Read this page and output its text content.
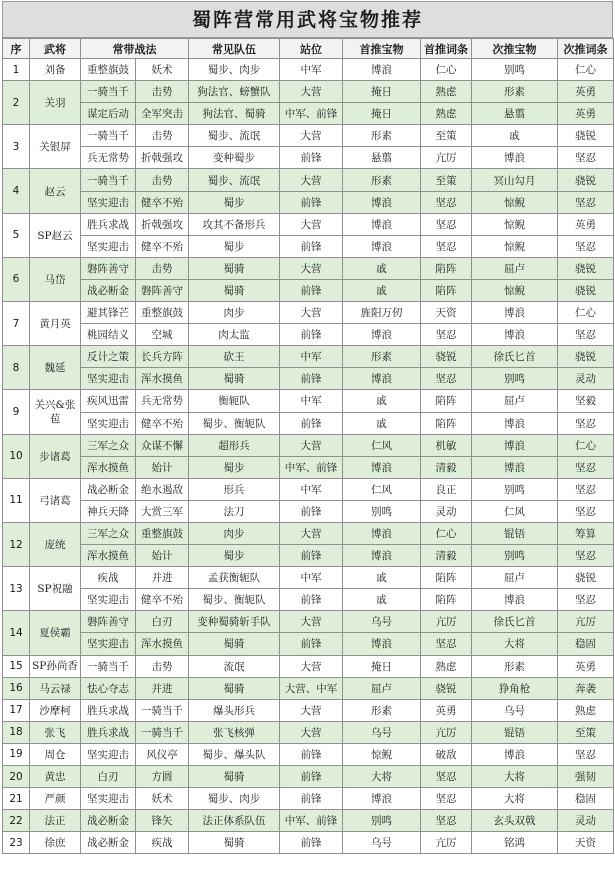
蜀阵营常用武将宝物推荐
序	武将	常带战法		常见队伍	站位	首推宝物	首推词条	次推宝物	次推词条
1	刘备	重整旗鼓	妖术	蜀步、肉步	中军	博浪	仁心	别鸣	仁心
2	关羽	一骑当千	击势	狗法官、螃蟹队	大营	掩日	熟虑	形素	英勇
		谋定后动	全军突击	狗法官、蜀骑	中军、前锋	掩日	熟虑	悬翦	英勇
3	关银屏	一骑当千	击势	蜀步、流氓	大营	形素	至策	戚	骁锐
		兵无常势	折戟强攻	变种蜀步	前锋	悬翦	亢厉	博浪	坚忍
4	赵云	一骑当千	击势	蜀步、流氓	大营	形素	至策	冥山勾月	骁锐
		坚实迎击	健卒不殆	蜀步	前锋	博浪	坚忍	惊鲵	坚忍
5	SP赵云	胜兵求战	折戟强攻	攻其不备形兵	大营	博浪	坚忍	惊鲵	英勇
		坚实迎击	健卒不殆	蜀步	前锋	博浪	坚忍	惊鲵	坚忍
6	马岱	磐阵善守	击势	蜀骑	大营	戚	陷阵	屈卢	骁锐
		战必断金	磐阵善守	蜀骑	前锋	戚	陷阵	惊鲵	骁锐
7	黄月英	避其锋芒	重整旗鼓	肉步	大营	旌阳万仞	天资	博浪	仁心
		桃园结义	空城	肉太监	前锋	博浪	坚忍	博浪	坚忍
8	魏延	反计之策	长兵方阵	砍王	中军	形素	骁锐	徐氏匕首	骁锐
		坚实迎击	浑水摸鱼	蜀骑	前锋	博浪	坚忍	别鸣	灵动
9	关兴&张苞	疾风迅雷	兵无常势	衡轭队	中军	戚	陷阵	屈卢	坚毅
		坚实迎击	健卒不殆	蜀步、衡轭队	前锋	戚	陷阵	博浪	坚忍
10	步诸葛	三军之众	众谋不懈	超形兵	大营	仁风	机敏	博浪	仁心
		浑水摸鱼	始计	蜀步	中军、前锋	博浪	清毅	博浪	坚忍
11	弓诸葛	战必断金	绝水遏敌	形兵	中军	仁风	良正	别鸣	坚忍
		神兵天降	大赏三军	法刀	前锋	别鸣	灵动	仁风	坚忍
12	庞统	三军之众	重整旗鼓	肉步	大营	博浪	仁心	锟铻	筹算
		浑水摸鱼	始计	蜀步	前锋	博浪	清毅	别鸣	坚忍
13	SP祝融	疾战	并进	孟获衡轭队	中军	戚	陷阵	屈卢	骁锐
		坚实迎击	健卒不殆	蜀步、衡轭队	前锋	戚	陷阵	博浪	坚忍
14	夏侯霸	磐阵善守	白刃	变种蜀骑斩手队	大营	乌号	亢厉	徐氏匕首	亢厉
		坚实迎击	浑水摸鱼	蜀骑	前锋	博浪	坚忍	大将	稳固
15	SP孙尚香	一骑当千	击势	流氓	大营	掩日	熟虑	形素	英勇
16	马云禄	怯心夺志	并进	蜀骑	大营、中军	屈卢	骁锐	狰角枪	奔袭
17	沙摩柯	胜兵求战	一骑当千	爆头形兵	大营	形素	英勇	乌号	熟虑
18	张飞	胜兵求战	一骑当千	张飞核弹	大营	乌号	亢厉	锟铻	至策
19	周仓	坚实迎击	风仪亭	蜀步、爆头队	前锋	惊鲵	破敌	博浪	坚忍
20	黄忠	白刃	方圆	蜀骑	前锋	大将	坚忍	大将	强韧
21	严颜	坚实迎击	妖术	蜀步、肉步	前锋	博浪	坚忍	大将	稳固
22	法正	战必断金	锋矢	法正体系队伍	中军、前锋	别鸣	坚忍	玄头双戟	灵动
23	徐庶	战必断金	疾战	蜀骑	前锋	乌号	亢厉	铭鸿	天资
